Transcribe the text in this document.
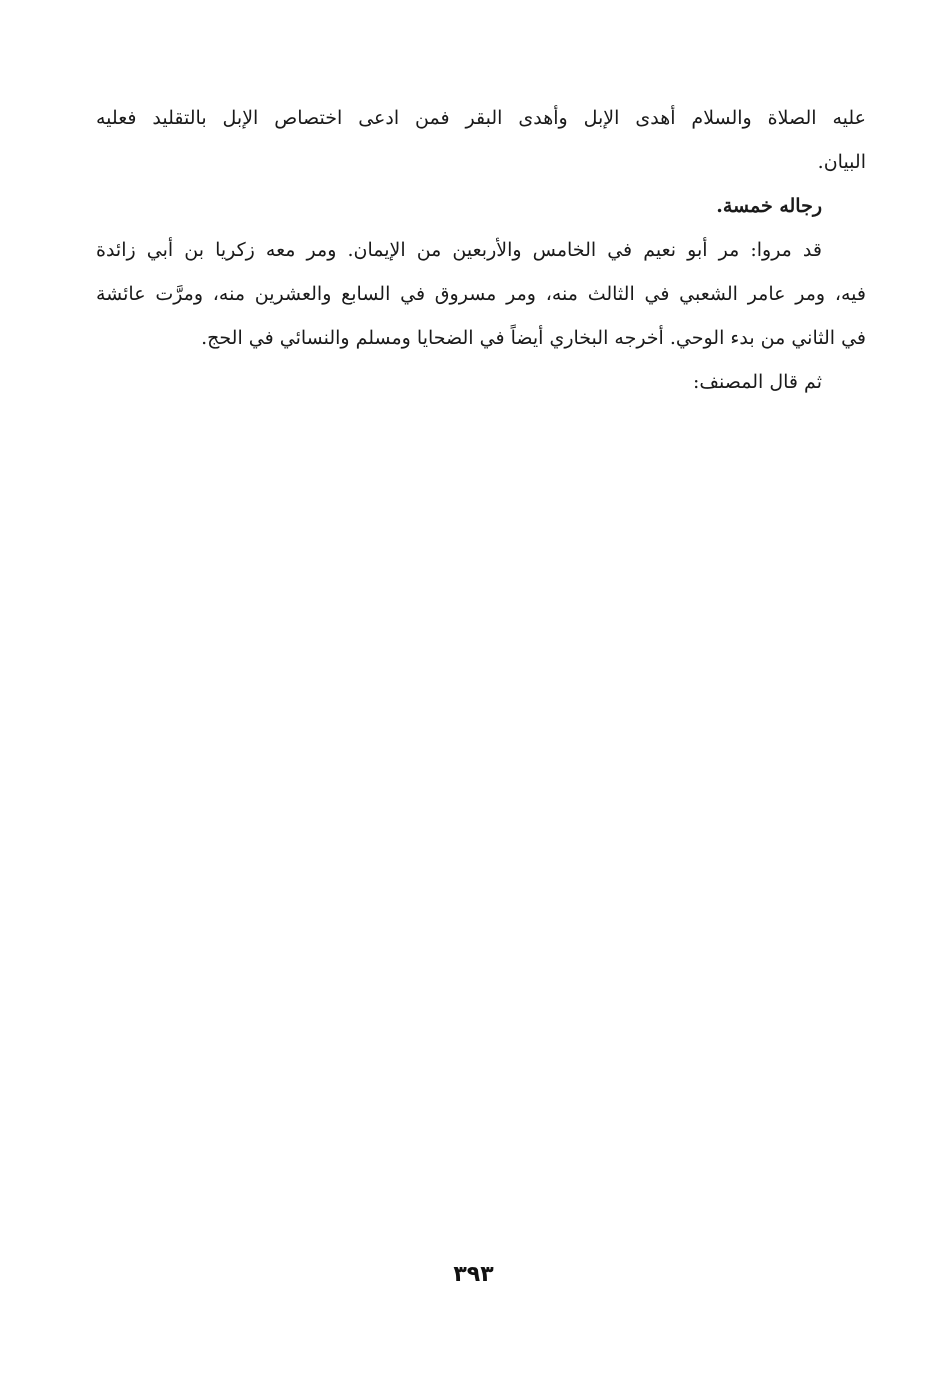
عليه الصلاة والسلام أهدى الإبل وأهدى البقر فمن ادعى اختصاص الإبل بالتقليد فعليه
البيان.
رجاله خمسة.
قد مروا: مر أبو نعيم في الخامس والأربعين من الإيمان. ومر معه زكريا بن أبي زائدة
فيه، ومر عامر الشعبي في الثالث منه، ومر مسروق في السابع والعشرين منه، ومرَّت عائشة
في الثاني من بدء الوحي. أخرجه البخاري أيضاً في الضحايا ومسلم والنسائي في الحج.
ثم قال المصنف:
٣٩٣
